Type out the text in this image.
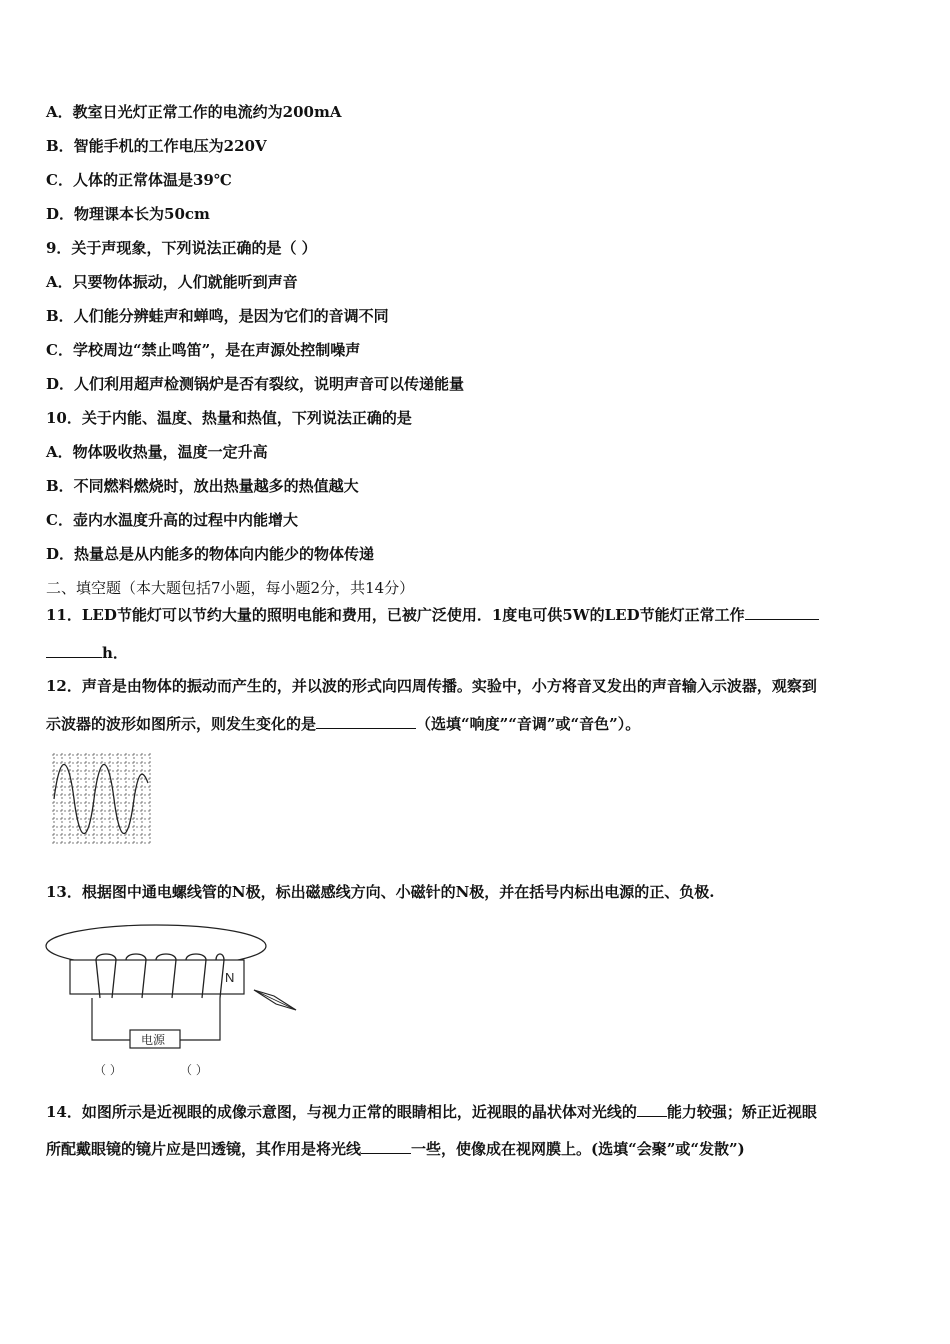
A．教室日光灯正常工作的电流约为200mA
B．智能手机的工作电压为220V
C．人体的正常体温是39℃
D．物理课本长为50cm
9．关于声现象，下列说法正确的是（ ）
A．只要物体振动，人们就能听到声音
B．人们能分辨蛙声和蝉鸣，是因为它们的音调不同
C．学校周边“禁止鸣笛”，是在声源处控制噪声
D．人们利用超声检测锅炉是否有裂纹，说明声音可以传递能量
10．关于内能、温度、热量和热值，下列说法正确的是
A．物体吸收热量，温度一定升高
B．不同燃料燃烧时，放出热量越多的热值越大
C．壶内水温度升高的过程中内能增大
D．热量总是从内能多的物体向内能少的物体传递
二、填空题（本大题包括7小题，每小题2分，共14分）
11．LED节能灯可以节约大量的照明电能和费用，已被广泛使用．1度电可供5W的LED节能灯正常工作
h．
12．声音是由物体的振动而产生的，并以波的形式向四周传播。实验中，小方将音叉发出的声音输入示波器，观察到
示波器的波形如图所示，则发生变化的是	（选填“响度”“音调”或“音色”）。
13．根据图中通电螺线管的N极，标出磁感线方向、小磁针的N极，并在括号内标出电源的正、负极.
N
电源
（ ）	（ ）
14．如图所示是近视眼的成像示意图，与视力正常的眼睛相比，近视眼的晶状体对光线的 能力较强；矫正近视眼
所配戴眼镜的镜片应是凹透镜，其作用是将光线	一些，使像成在视网膜上。(选填“会聚”或“发散”)
